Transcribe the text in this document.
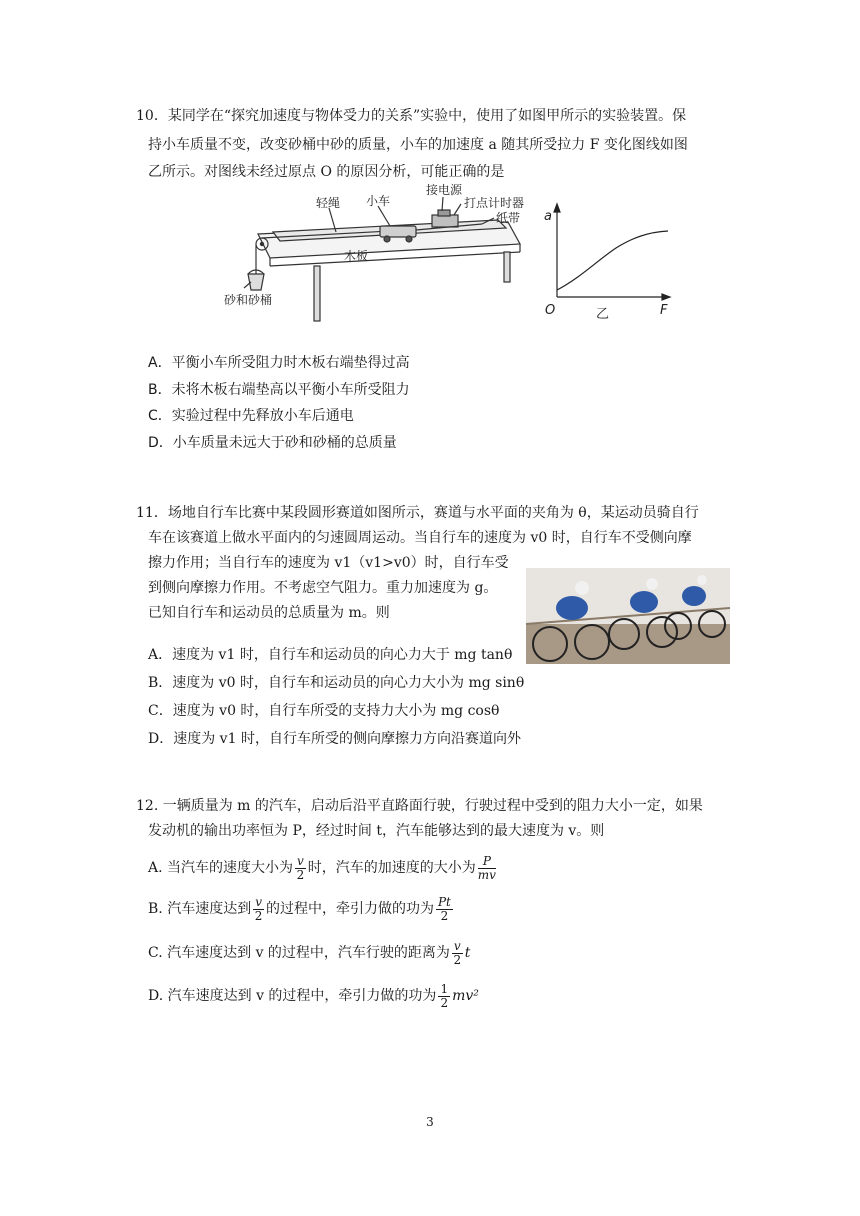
10．某同学在“探究加速度与物体受力的关系”实验中，使用了如图甲所示的实验装置。保
持小车质量不变，改变砂桶中砂的质量，小车的加速度 a 随其所受拉力 F 变化图线如图
乙所示。对图线未经过原点 O 的原因分析，可能正确的是
轻绳 小车
接电源
打点计时器
纸带
木板
砂和砂桶
a
O	F
乙
A．平衡小车所受阻力时木板右端垫得过高
B．未将木板右端垫高以平衡小车所受阻力
C．实验过程中先释放小车后通电
D．小车质量未远大于砂和砂桶的总质量
11．场地自行车比赛中某段圆形赛道如图所示，赛道与水平面的夹角为 θ，某运动员骑自行
车在该赛道上做水平面内的匀速圆周运动。当自行车的速度为 v0 时，自行车不受侧向摩
擦力作用；当自行车的速度为 v1（v1>v0）时，自行车受
到侧向摩擦力作用。不考虑空气阻力。重力加速度为 g。
已知自行车和运动员的总质量为 m。则
A．速度为 v1 时，自行车和运动员的向心力大于 mg tanθ
B．速度为 v0 时，自行车和运动员的向心力大小为 mg sinθ
C．速度为 v0 时，自行车所受的支持力大小为 mg cosθ
D．速度为 v1 时，自行车所受的侧向摩擦力方向沿赛道向外
12. 一辆质量为 m 的汽车，启动后沿平直路面行驶，行驶过程中受到的阻力大小一定，如果
发动机的输出功率恒为 P，经过时间 t，汽车能够达到的最大速度为 v。则
A. 当汽车的速度大小为 $\frac{v}{2}$ 时，汽车的加速度的大小为 $\frac{P}{mv}$
B. 汽车速度达到 $\frac{v}{2}$ 的过程中，牵引力做的功为 $\frac{Pt}{2}$
C. 汽车速度达到 v 的过程中，汽车行驶的距离为 $\frac{v}{2}$ t
D. 汽车速度达到 v 的过程中，牵引力做的功为 $\frac{1}{2} mv^2$
3
